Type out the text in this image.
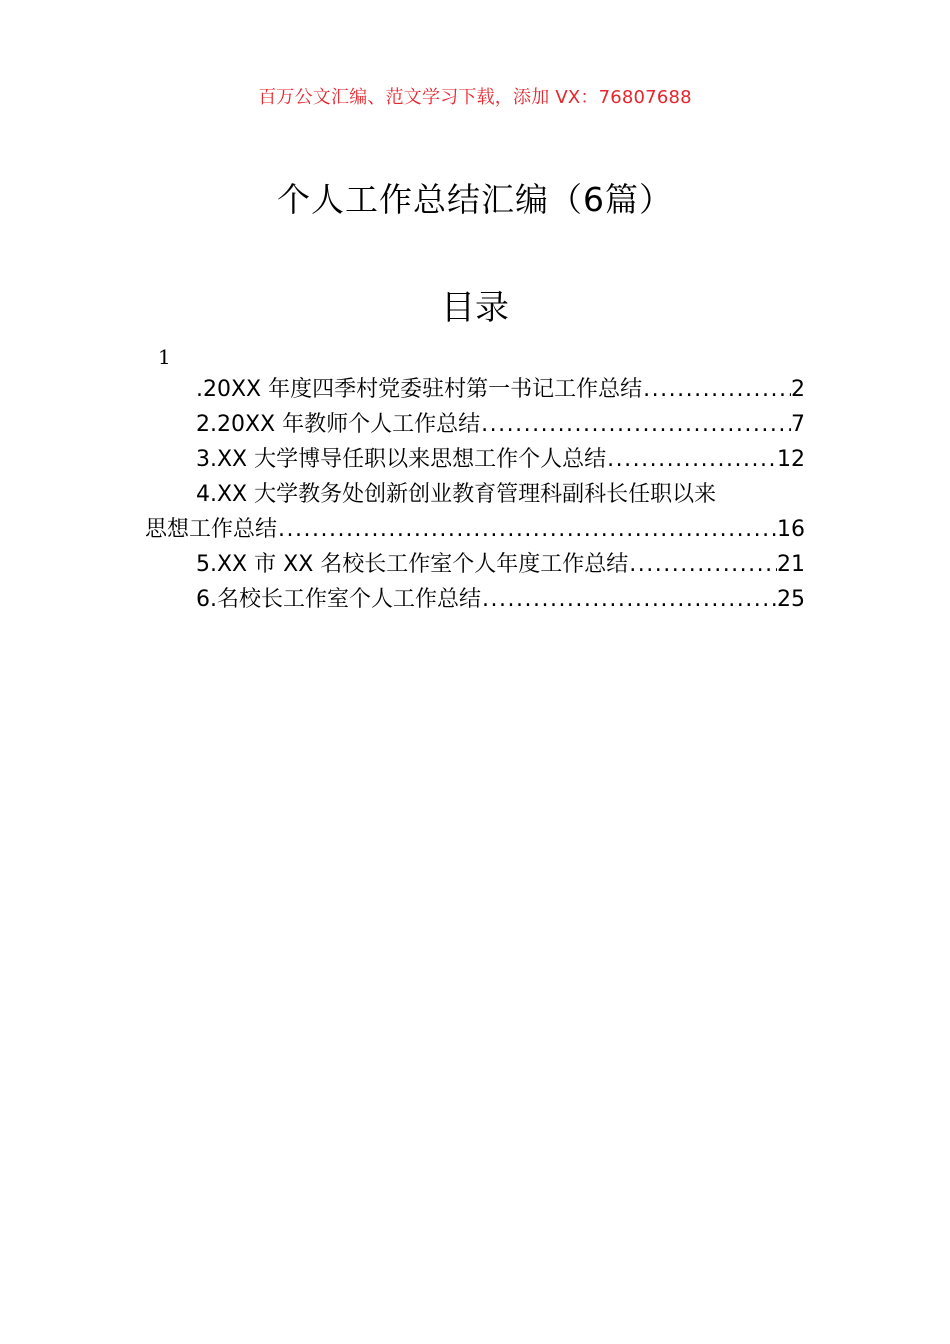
百万公文汇编、范文学习下载，添加 VX：76807688
个人工作总结汇编（6篇）
目录
1
.20XX 年度四季村党委驻村第一书记工作总结 .....	2
2.20XX 年教师个人工作总结 .....	7
3.XX 大学博导任职以来思想工作个人总结 .....	12
4.XX 大学教务处创新创业教育管理科副科长任职以来
思想工作总结 .....	16
5.XX 市 XX 名校长工作室个人年度工作总结 .....	21
6.名校长工作室个人工作总结 .....	25
